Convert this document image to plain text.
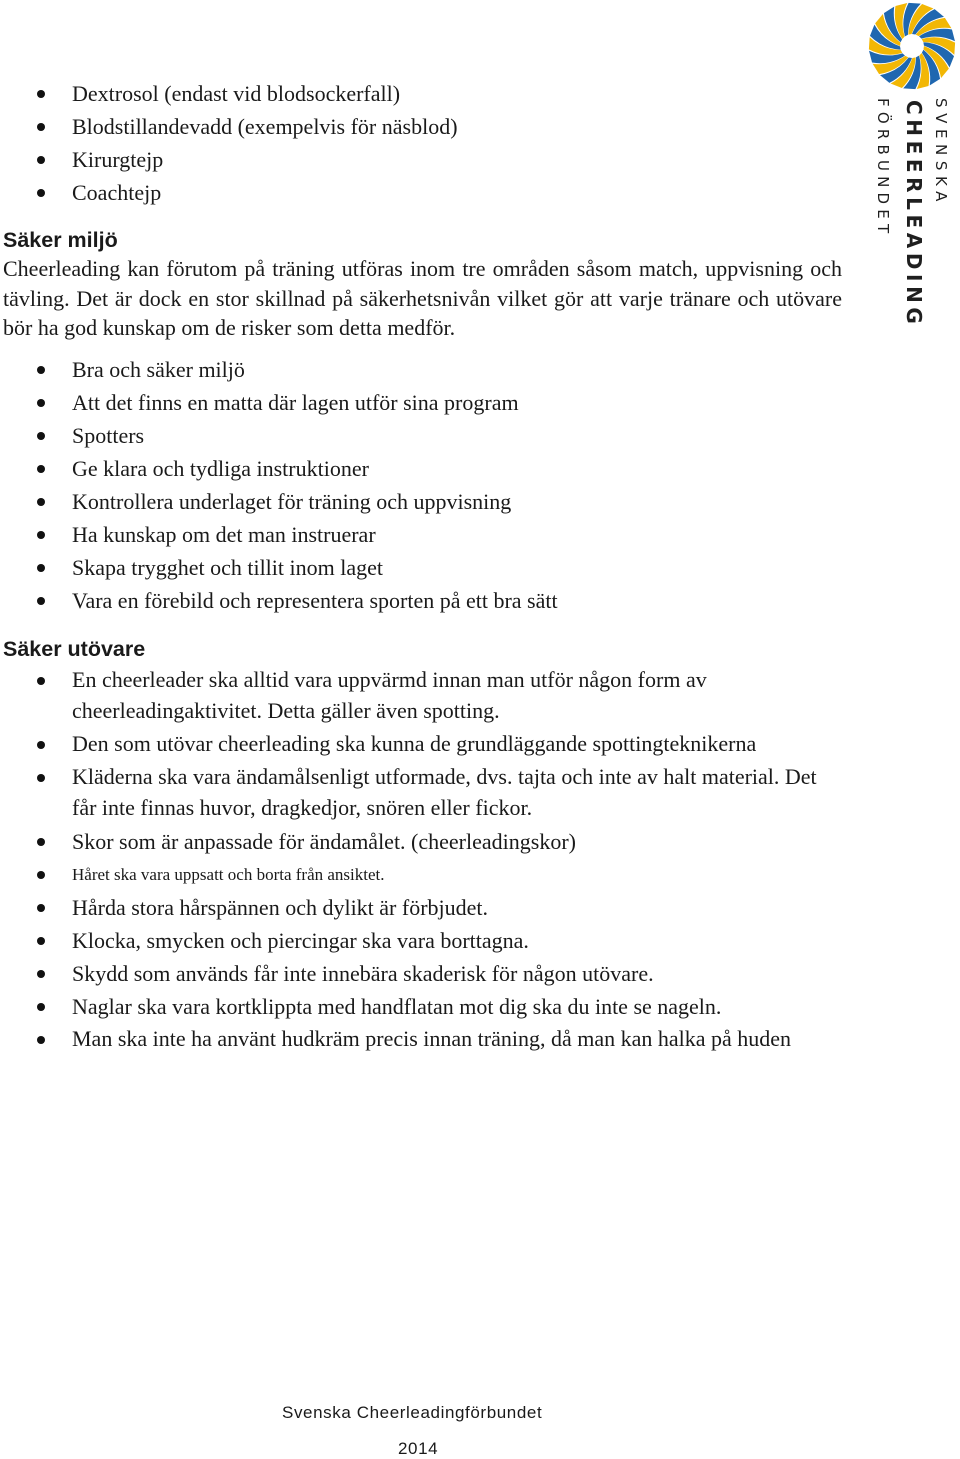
SVENSKA
CHEERLEADING
FÖRBUNDET
Dextrosol (endast vid blodsockerfall)
Blodstillandevadd (exempelvis för näsblod)
Kirurgtejp
Coachtejp
Säker miljö
Cheerleading kan förutom på träning utföras inom tre områden såsom match, uppvisning och tävling. Det är dock en stor skillnad på säkerhetsnivån vilket gör att varje tränare och utövare bör ha god kunskap om de risker som detta medför.
Bra och säker miljö
Att det finns en matta där lagen utför sina program
Spotters
Ge klara och tydliga instruktioner
Kontrollera underlaget för träning och uppvisning
Ha kunskap om det man instruerar
Skapa trygghet och tillit inom laget
Vara en förebild och representera sporten på ett bra sätt
Säker utövare
En cheerleader ska alltid vara uppvärmd innan man utför någon form av cheerleadingaktivitet. Detta gäller även spotting.
Den som utövar cheerleading ska kunna de grundläggande spottingteknikerna
Kläderna ska vara ändamålsenligt utformade, dvs. tajta och inte av halt material. Det får inte finnas huvor, dragkedjor, snören eller fickor.
Skor som är anpassade för ändamålet. (cheerleadingskor)
Håret ska vara uppsatt och borta från ansiktet.
Hårda stora hårspännen och dylikt är förbjudet.
Klocka, smycken och piercingar ska vara borttagna.
Skydd som används får inte innebära skaderisk för någon utövare.
Naglar ska vara kortklippta med handflatan mot dig ska du inte se nageln.
Man ska inte ha använt hudkräm precis innan träning, då man kan halka på huden
Svenska Cheerleadingförbundet
2014
